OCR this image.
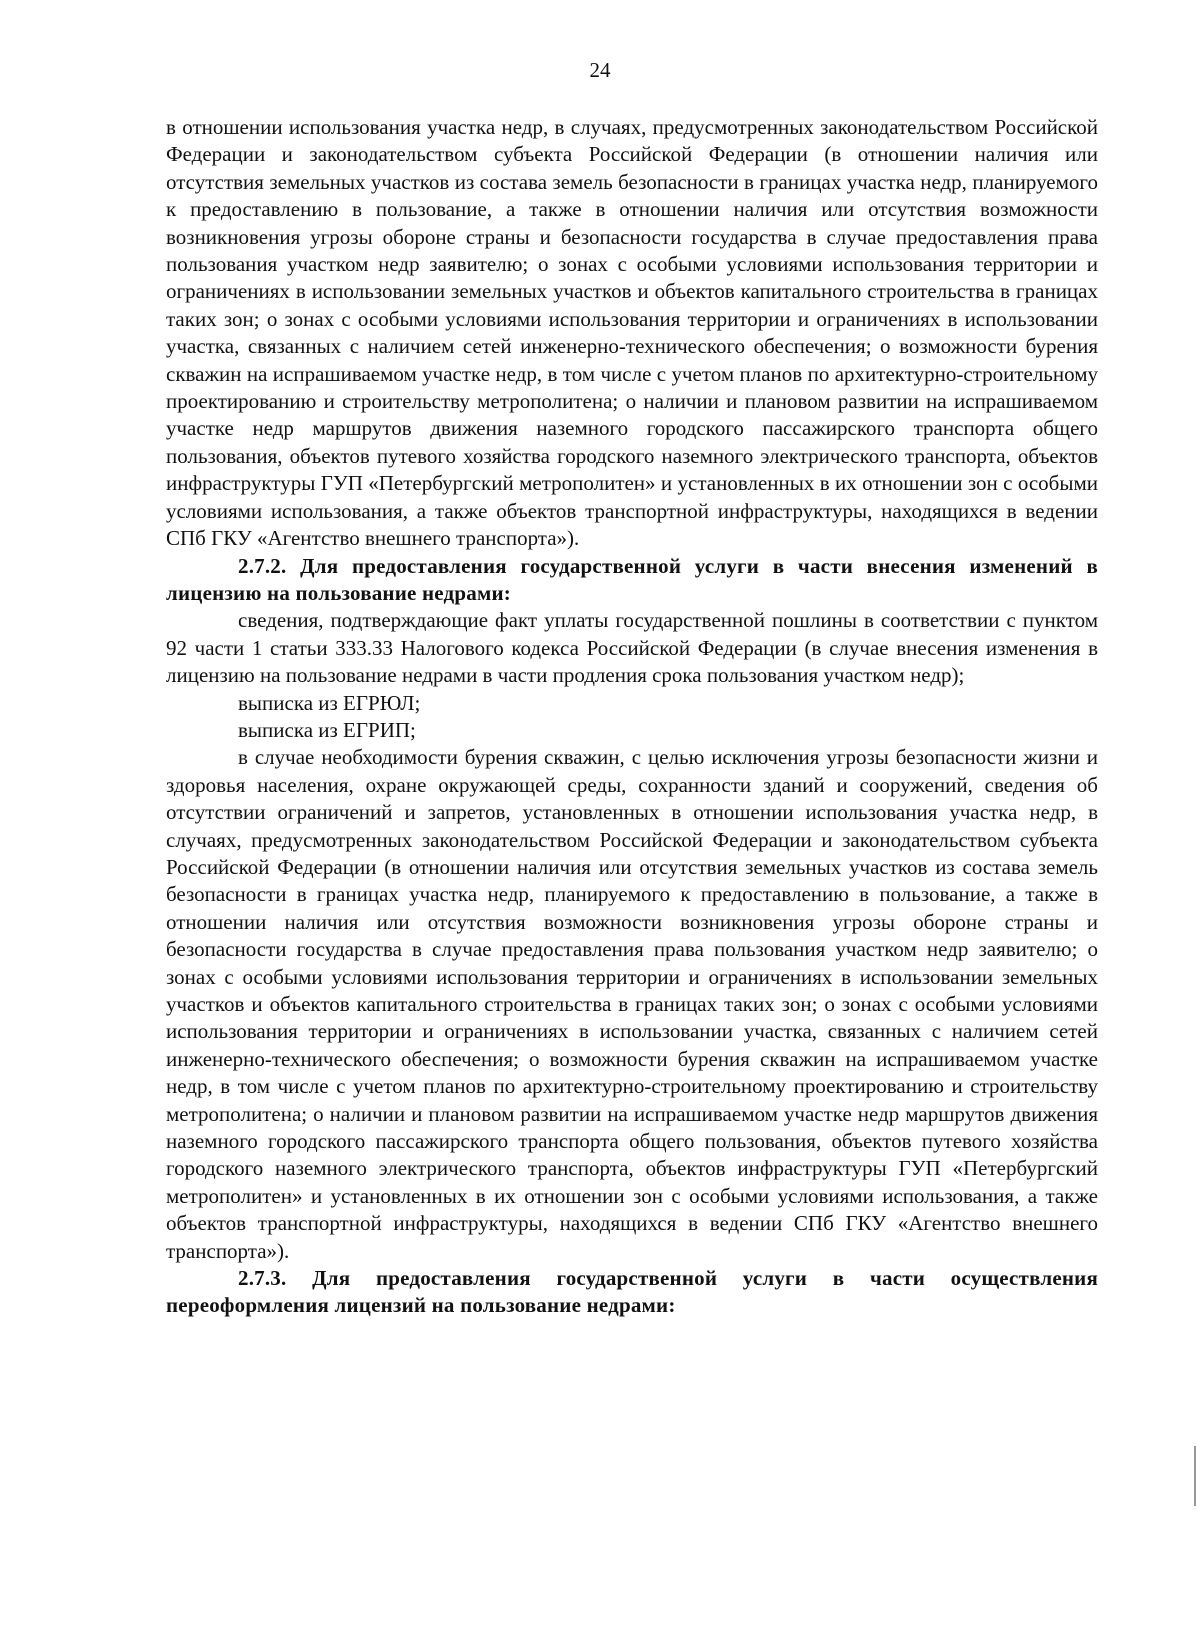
24

в отношении использования участка недр, в случаях, предусмотренных законодательством Российской Федерации и законодательством субъекта Российской Федерации (в отношении наличия или отсутствия земельных участков из состава земель безопасности в границах участка недр, планируемого к предоставлению в пользование, а также в отношении наличия или отсутствия возможности возникновения угрозы обороне страны и безопасности государства в случае предоставления права пользования участком недр заявителю; о зонах с особыми условиями использования территории и ограничениях в использовании земельных участков и объектов капитального строительства в границах таких зон; о зонах с особыми условиями использования территории и ограничениях в использовании участка, связанных с наличием сетей инженерно-технического обеспечения; о возможности бурения скважин на испрашиваемом участке недр, в том числе с учетом планов по архитектурно-строительному проектированию и строительству метрополитена; о наличии и плановом развитии на испрашиваемом участке недр маршрутов движения наземного городского пассажирского транспорта общего пользования, объектов путевого хозяйства городского наземного электрического транспорта, объектов инфраструктуры ГУП «Петербургский метрополитен» и установленных в их отношении зон с особыми условиями использования, а также объектов транспортной инфраструктуры, находящихся в ведении СПб ГКУ «Агентство внешнего транспорта»).

2.7.2. Для предоставления государственной услуги в части внесения изменений в лицензию на пользование недрами:

сведения, подтверждающие факт уплаты государственной пошлины в соответствии с пунктом 92 части 1 статьи 333.33 Налогового кодекса Российской Федерации (в случае внесения изменения в лицензию на пользование недрами в части продления срока пользования участком недр);

выписка из ЕГРЮЛ;

выписка из ЕГРИП;

в случае необходимости бурения скважин, с целью исключения угрозы безопасности жизни и здоровья населения, охране окружающей среды, сохранности зданий и сооружений, сведения об отсутствии ограничений и запретов, установленных в отношении использования участка недр, в случаях, предусмотренных законодательством Российской Федерации и законодательством субъекта Российской Федерации (в отношении наличия или отсутствия земельных участков из состава земель безопасности в границах участка недр, планируемого к предоставлению в пользование, а также в отношении наличия или отсутствия возможности возникновения угрозы обороне страны и безопасности государства в случае предоставления права пользования участком недр заявителю; о зонах с особыми условиями использования территории и ограничениях в использовании земельных участков и объектов капитального строительства в границах таких зон; о зонах с особыми условиями использования территории и ограничениях в использовании участка, связанных с наличием сетей инженерно-технического обеспечения; о возможности бурения скважин на испрашиваемом участке недр, в том числе с учетом планов по архитектурно-строительному проектированию и строительству метрополитена; о наличии и плановом развитии на испрашиваемом участке недр маршрутов движения наземного городского пассажирского транспорта общего пользования, объектов путевого хозяйства городского наземного электрического транспорта, объектов инфраструктуры ГУП «Петербургский метрополитен» и установленных в их отношении зон с особыми условиями использования, а также объектов транспортной инфраструктуры, находящихся в ведении СПб ГКУ «Агентство внешнего транспорта»).

2.7.3. Для предоставления государственной услуги в части осуществления переоформления лицензий на пользование недрами:
